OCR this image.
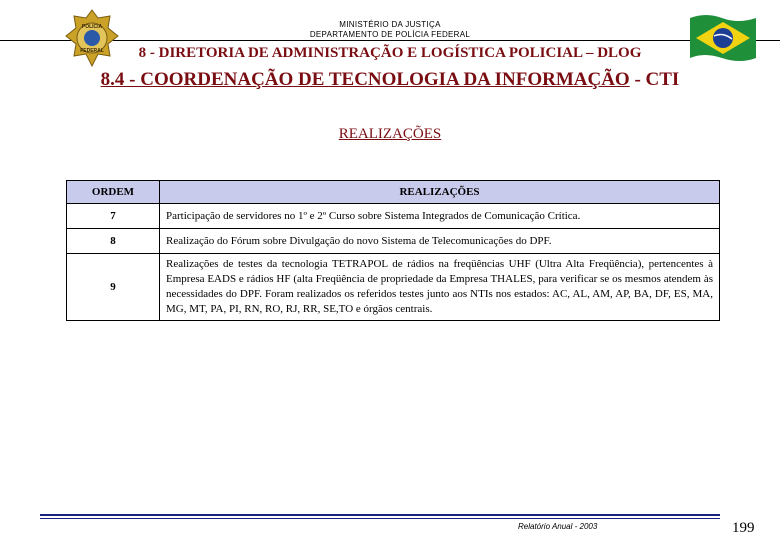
MINISTÉRIO DA JUSTIÇA
DEPARTAMENTO DE POLÍCIA FEDERAL
POLÍCIA
FEDERAL	8 - DIRETORIA DE ADMINISTRAÇÃO E LOGÍSTICA POLICIAL – DLOG
8.4 - COORDENAÇÃO DE TECNOLOGIA DA INFORMAÇÃO - CTI
REALIZAÇÕES
ORDEM	REALIZAÇÕES
7	Participação de servidores no 1º e 2º Curso sobre Sistema Integrados de Comunicação Crítica.
8	Realização do Fórum sobre Divulgação do novo Sistema de Telecomunicações do DPF.
9	Realizações de testes da tecnologia TETRAPOL de rádios na freqüências UHF (Ultra Alta Freqüência), pertencentes à Empresa EADS e rádios HF (alta Freqüência de propriedade da Empresa THALES, para verificar se os mesmos atendem às necessidades do DPF. Foram realizados os referidos testes junto aos NTIs nos estados: AC, AL, AM, AP, BA, DF, ES, MA, MG, MT, PA, PI, RN, RO, RJ, RR, SE,TO e órgãos centrais.
Relatório Anual - 2003	199
